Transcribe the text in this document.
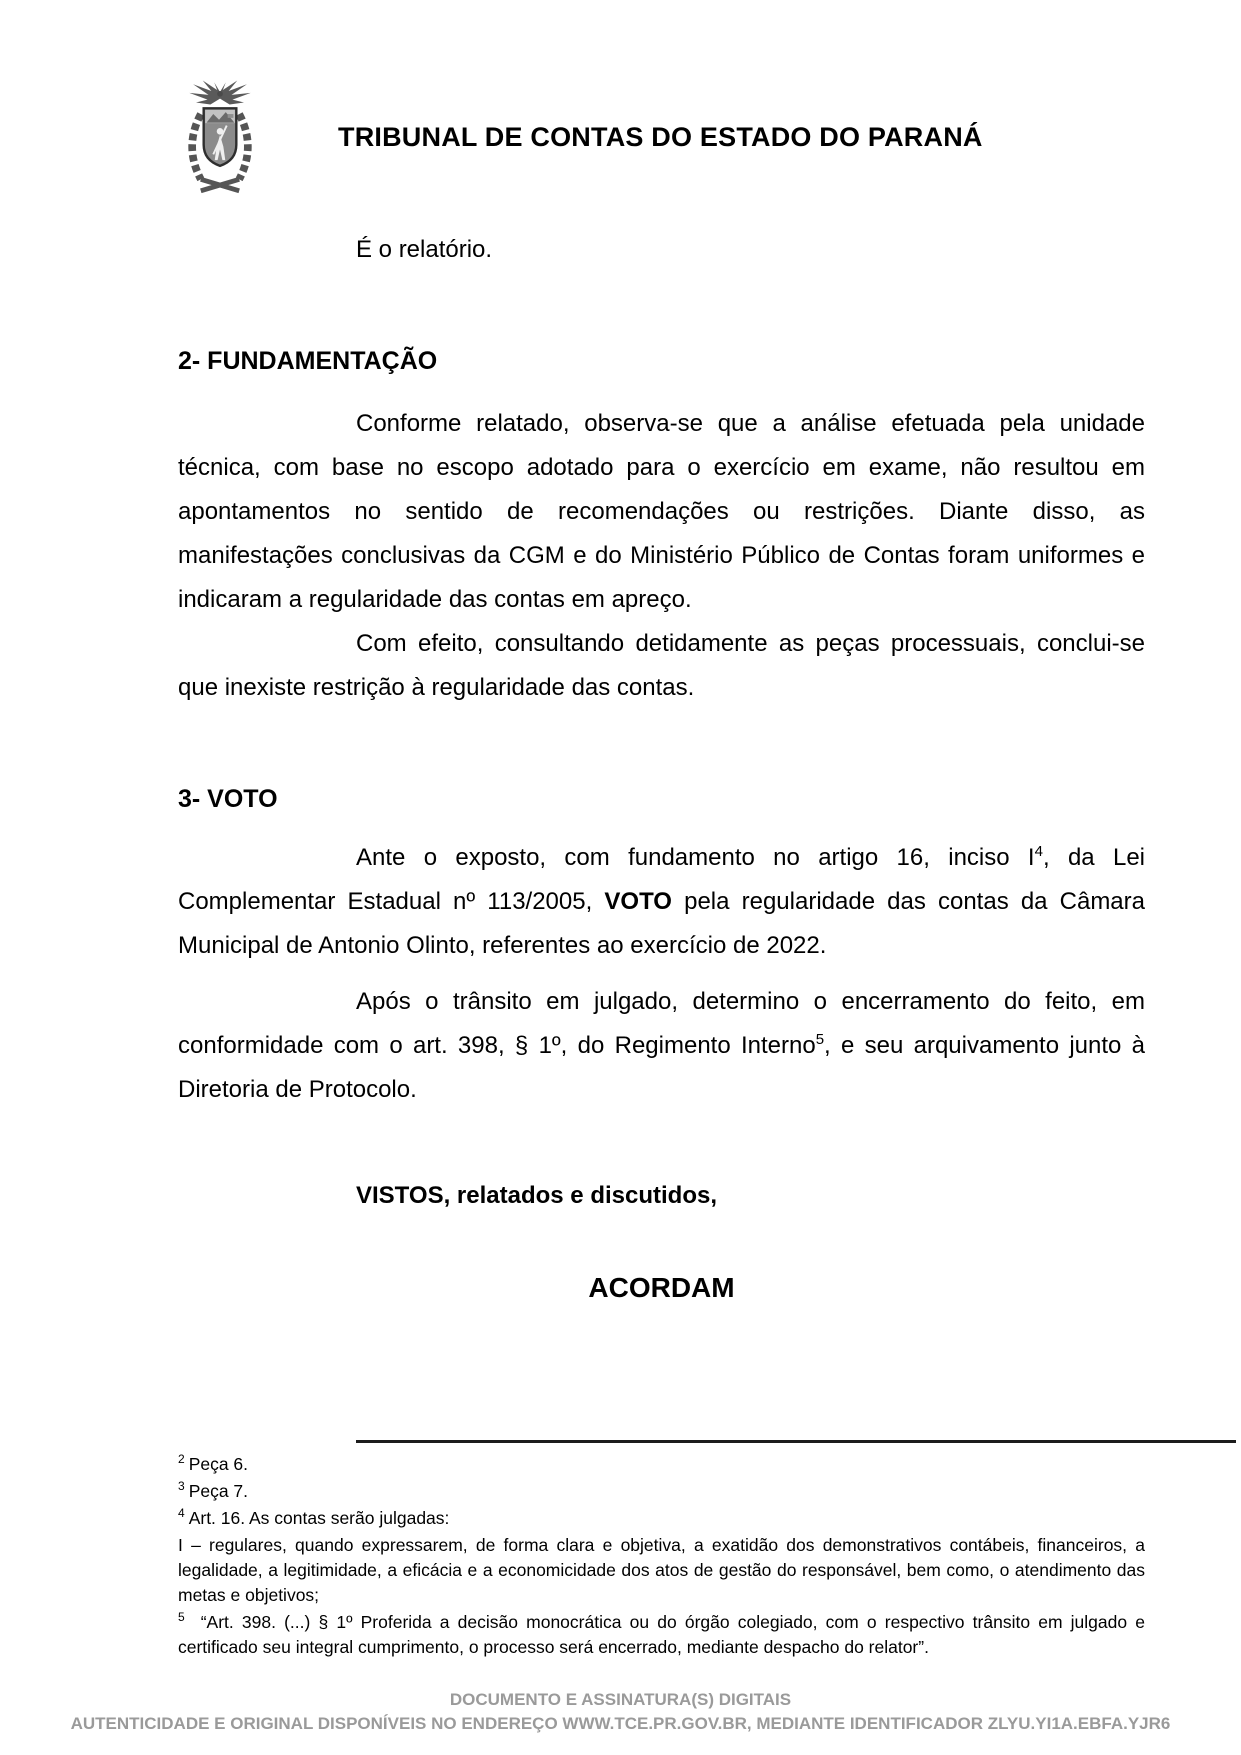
TRIBUNAL DE CONTAS DO ESTADO DO PARANÁ

É o relatório.

2- FUNDAMENTAÇÃO

Conforme relatado, observa-se que a análise efetuada pela unidade técnica, com base no escopo adotado para o exercício em exame, não resultou em apontamentos no sentido de recomendações ou restrições. Diante disso, as manifestações conclusivas da CGM e do Ministério Público de Contas foram uniformes e indicaram a regularidade das contas em apreço.

Com efeito, consultando detidamente as peças processuais, conclui-se que inexiste restrição à regularidade das contas.

3- VOTO

Ante o exposto, com fundamento no artigo 16, inciso I$^4$, da Lei Complementar Estadual nº 113/2005, VOTO pela regularidade das contas da Câmara Municipal de Antonio Olinto, referentes ao exercício de 2022.

Após o trânsito em julgado, determino o encerramento do feito, em conformidade com o art. 398, § 1º, do Regimento Interno$^5$, e seu arquivamento junto à Diretoria de Protocolo.

VISTOS, relatados e discutidos,

ACORDAM

$^2$ Peça 6.

$^3$ Peça 7.

$^4$ Art. 16. As contas serão julgadas:

I – regulares, quando expressarem, de forma clara e objetiva, a exatidão dos demonstrativos contábeis, financeiros, a legalidade, a legitimidade, a eficácia e a economicidade dos atos de gestão do responsável, bem como, o atendimento das metas e objetivos;

$^5$ “Art. 398. (...) § 1º Proferida a decisão monocrática ou do órgão colegiado, com o respectivo trânsito em julgado e certificado seu integral cumprimento, o processo será encerrado, mediante despacho do relator”.

DOCUMENTO E ASSINATURA(S) DIGITAIS
AUTENTICIDADE E ORIGINAL DISPONÍVEIS NO ENDEREÇO WWW.TCE.PR.GOV.BR, MEDIANTE IDENTIFICADOR ZLYU.YI1A.EBFA.YJR6
